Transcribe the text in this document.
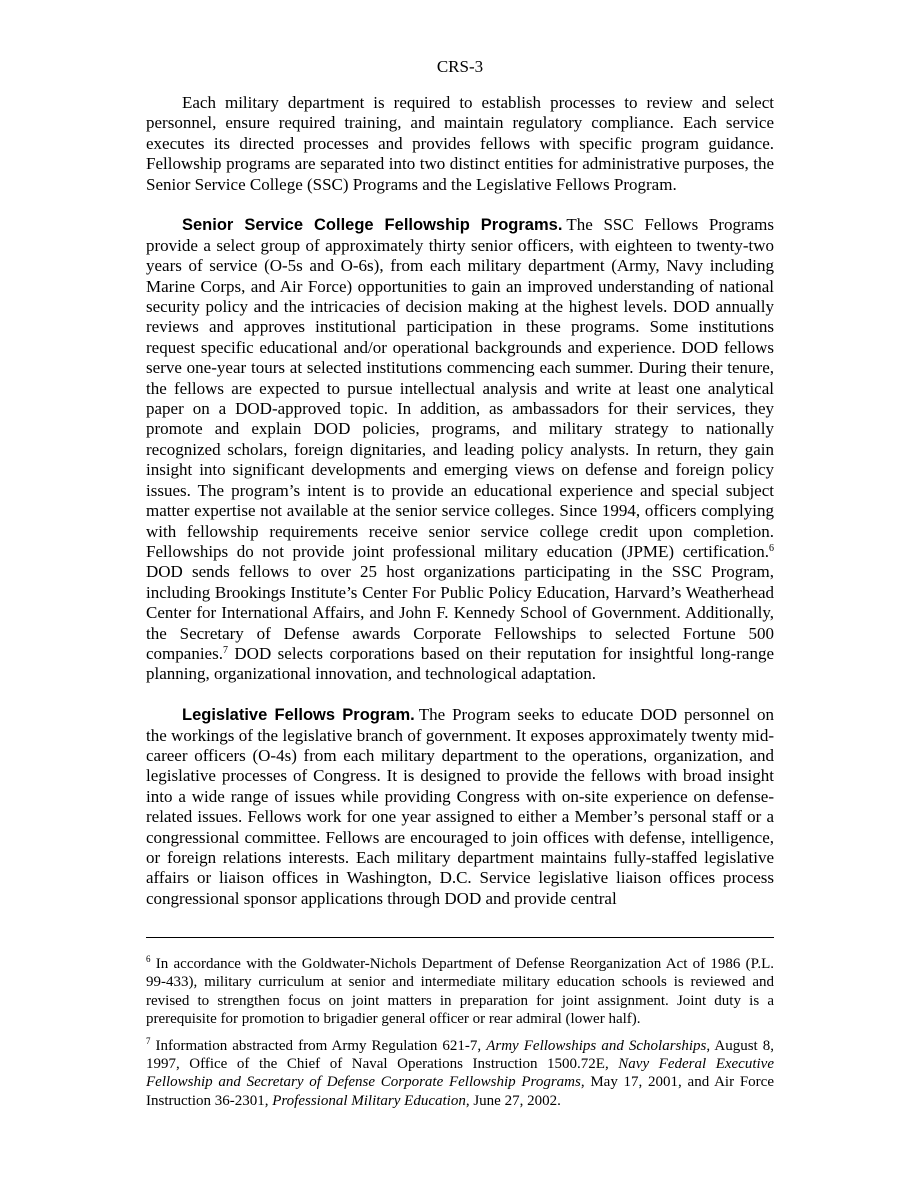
CRS-3

Each military department is required to establish processes to review and select personnel, ensure required training, and maintain regulatory compliance. Each service executes its directed processes and provides fellows with specific program guidance. Fellowship programs are separated into two distinct entities for administrative purposes, the Senior Service College (SSC) Programs and the Legislative Fellows Program.

Senior Service College Fellowship Programs. The SSC Fellows Programs provide a select group of approximately thirty senior officers, with eighteen to twenty-two years of service (O-5s and O-6s), from each military department (Army, Navy including Marine Corps, and Air Force) opportunities to gain an improved understanding of national security policy and the intricacies of decision making at the highest levels. DOD annually reviews and approves institutional participation in these programs. Some institutions request specific educational and/or operational backgrounds and experience. DOD fellows serve one-year tours at selected institutions commencing each summer. During their tenure, the fellows are expected to pursue intellectual analysis and write at least one analytical paper on a DOD-approved topic. In addition, as ambassadors for their services, they promote and explain DOD policies, programs, and military strategy to nationally recognized scholars, foreign dignitaries, and leading policy analysts. In return, they gain insight into significant developments and emerging views on defense and foreign policy issues. The program’s intent is to provide an educational experience and special subject matter expertise not available at the senior service colleges. Since 1994, officers complying with fellowship requirements receive senior service college credit upon completion. Fellowships do not provide joint professional military education (JPME) certification.$^6$ DOD sends fellows to over 25 host organizations participating in the SSC Program, including Brookings Institute’s Center For Public Policy Education, Harvard’s Weatherhead Center for International Affairs, and John F. Kennedy School of Government. Additionally, the Secretary of Defense awards Corporate Fellowships to selected Fortune 500 companies.$^7$ DOD selects corporations based on their reputation for insightful long-range planning, organizational innovation, and technological adaptation.

Legislative Fellows Program. The Program seeks to educate DOD personnel on the workings of the legislative branch of government. It exposes approximately twenty mid-career officers (O-4s) from each military department to the operations, organization, and legislative processes of Congress. It is designed to provide the fellows with broad insight into a wide range of issues while providing Congress with on-site experience on defense-related issues. Fellows work for one year assigned to either a Member’s personal staff or a congressional committee. Fellows are encouraged to join offices with defense, intelligence, or foreign relations interests. Each military department maintains fully-staffed legislative affairs or liaison offices in Washington, D.C. Service legislative liaison offices process congressional sponsor applications through DOD and provide central

$^6$ In accordance with the Goldwater-Nichols Department of Defense Reorganization Act of 1986 (P.L. 99-433), military curriculum at senior and intermediate military education schools is reviewed and revised to strengthen focus on joint matters in preparation for joint assignment. Joint duty is a prerequisite for promotion to brigadier general officer or rear admiral (lower half).

$^7$ Information abstracted from Army Regulation 621-7, Army Fellowships and Scholarships, August 8, 1997, Office of the Chief of Naval Operations Instruction 1500.72E, Navy Federal Executive Fellowship and Secretary of Defense Corporate Fellowship Programs, May 17, 2001, and Air Force Instruction 36-2301, Professional Military Education, June 27, 2002.
